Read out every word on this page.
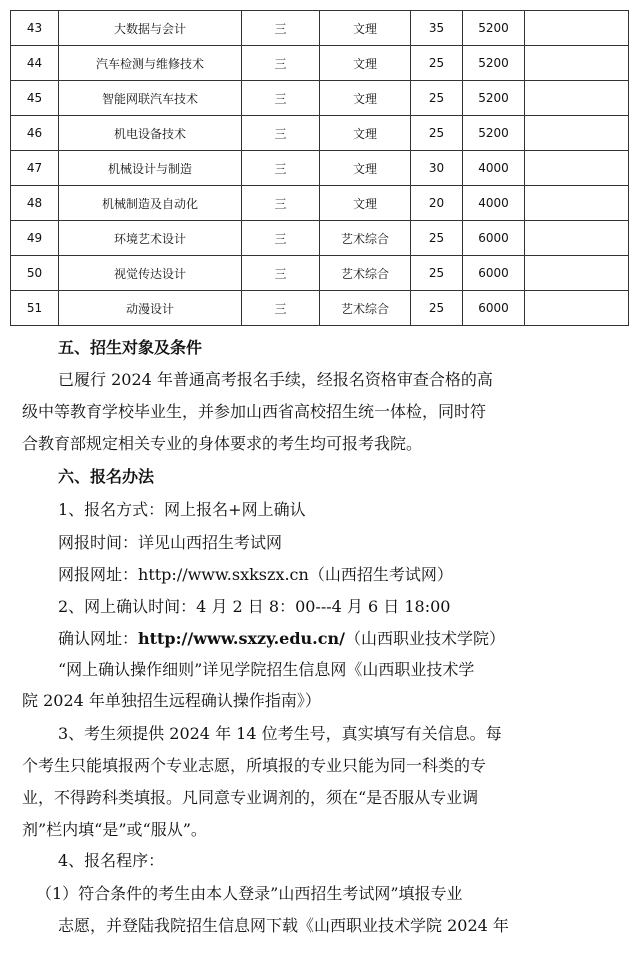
43	大数据与会计	三	文理	35	5200	
44	汽车检测与维修技术	三	文理	25	5200	
45	智能网联汽车技术	三	文理	25	5200	
46	机电设备技术	三	文理	25	5200	
47	机械设计与制造	三	文理	30	4000	
48	机械制造及自动化	三	文理	20	4000	
49	环境艺术设计	三	艺术综合	25	6000	
50	视觉传达设计	三	艺术综合	25	6000	
51	动漫设计	三	艺术综合	25	6000	
五、招生对象及条件
已履行 2024 年普通高考报名手续，经报名资格审查合格的高
级中等教育学校毕业生，并参加山西省高校招生统一体检，同时符
合教育部规定相关专业的身体要求的考生均可报考我院。
六、报名办法
1、报名方式：网上报名+网上确认
网报时间：详见山西招生考试网
网报网址：http://www.sxkszx.cn（山西招生考试网）
2、网上确认时间：4 月 2 日 8：00---4 月 6 日 18:00
确认网址：http://www.sxzy.edu.cn/（山西职业技术学院）
“网上确认操作细则”详见学院招生信息网《山西职业技术学
院 2024 年单独招生远程确认操作指南》）
3、考生须提供 2024 年 14 位考生号，真实填写有关信息。每
个考生只能填报两个专业志愿，所填报的专业只能为同一科类的专
业，不得跨科类填报。凡同意专业调剂的，须在“是否服从专业调
剂”栏内填“是”或“服从”。
4、报名程序：
（1）符合条件的考生由本人登录”山西招生考试网”填报专业
志愿，并登陆我院招生信息网下载《山西职业技术学院 2024 年
